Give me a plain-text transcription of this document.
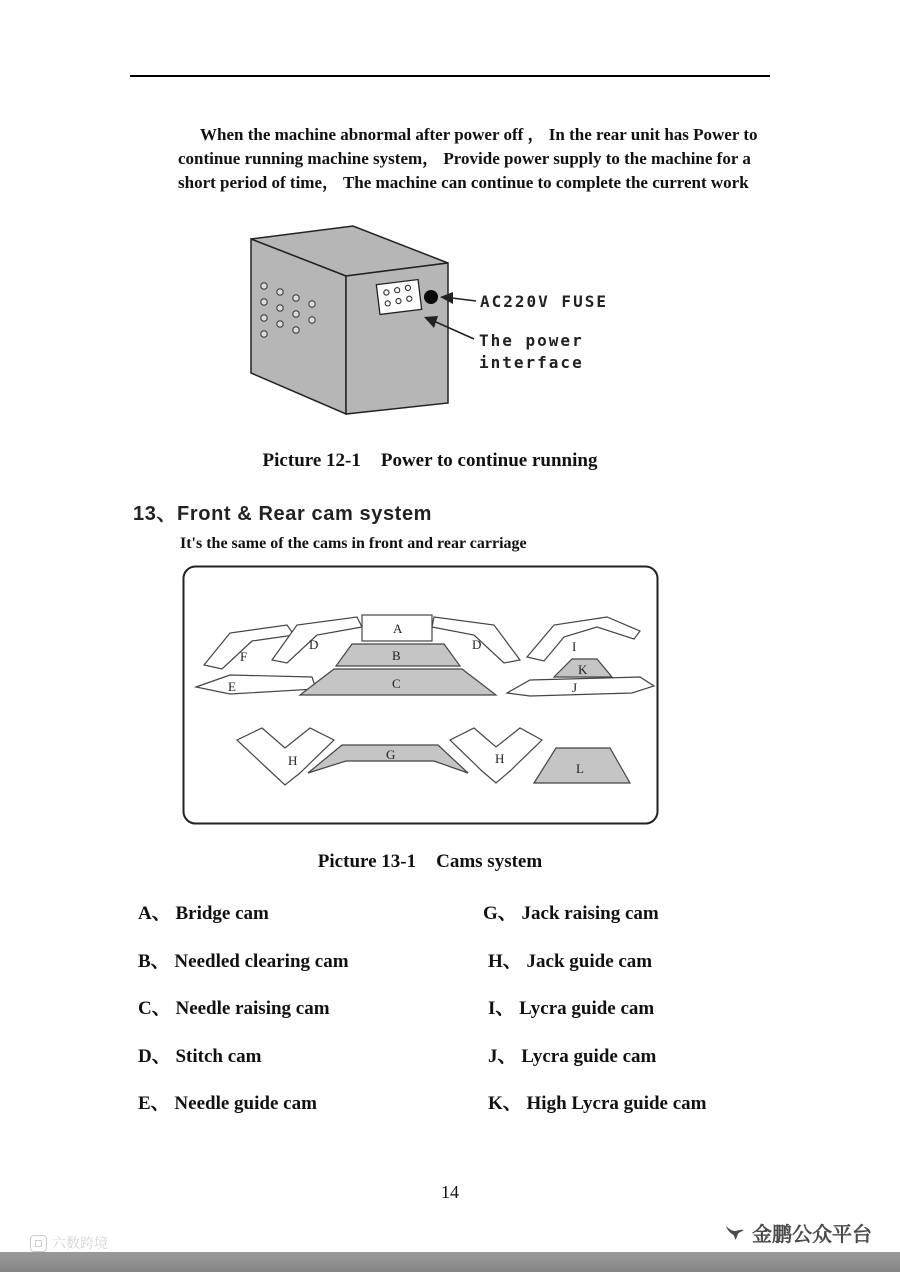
When the machine abnormal after power off ， In the rear unit has Power to continue running machine system， Provide power supply to the machine for a short period of time， The machine can continue to complete the current work

AC220V FUSE
The power
interface
Picture 12-1 Power to continue running
13、Front & Rear cam system
It's the same of the cams in front and rear carriage
A
B
C
D	D
E
F
G
H	H
I
J
K
L
Picture 13-1 Cams system
A、 Bridge cam	G、 Jack raising cam
B、 Needled clearing cam	H、 Jack guide cam
C、 Needle raising cam	I、 Lycra guide cam
D、 Stitch cam	J、 Lycra guide cam
E、 Needle guide cam	K、 High Lycra guide cam
14
六数跨境	金鹏公众平台
